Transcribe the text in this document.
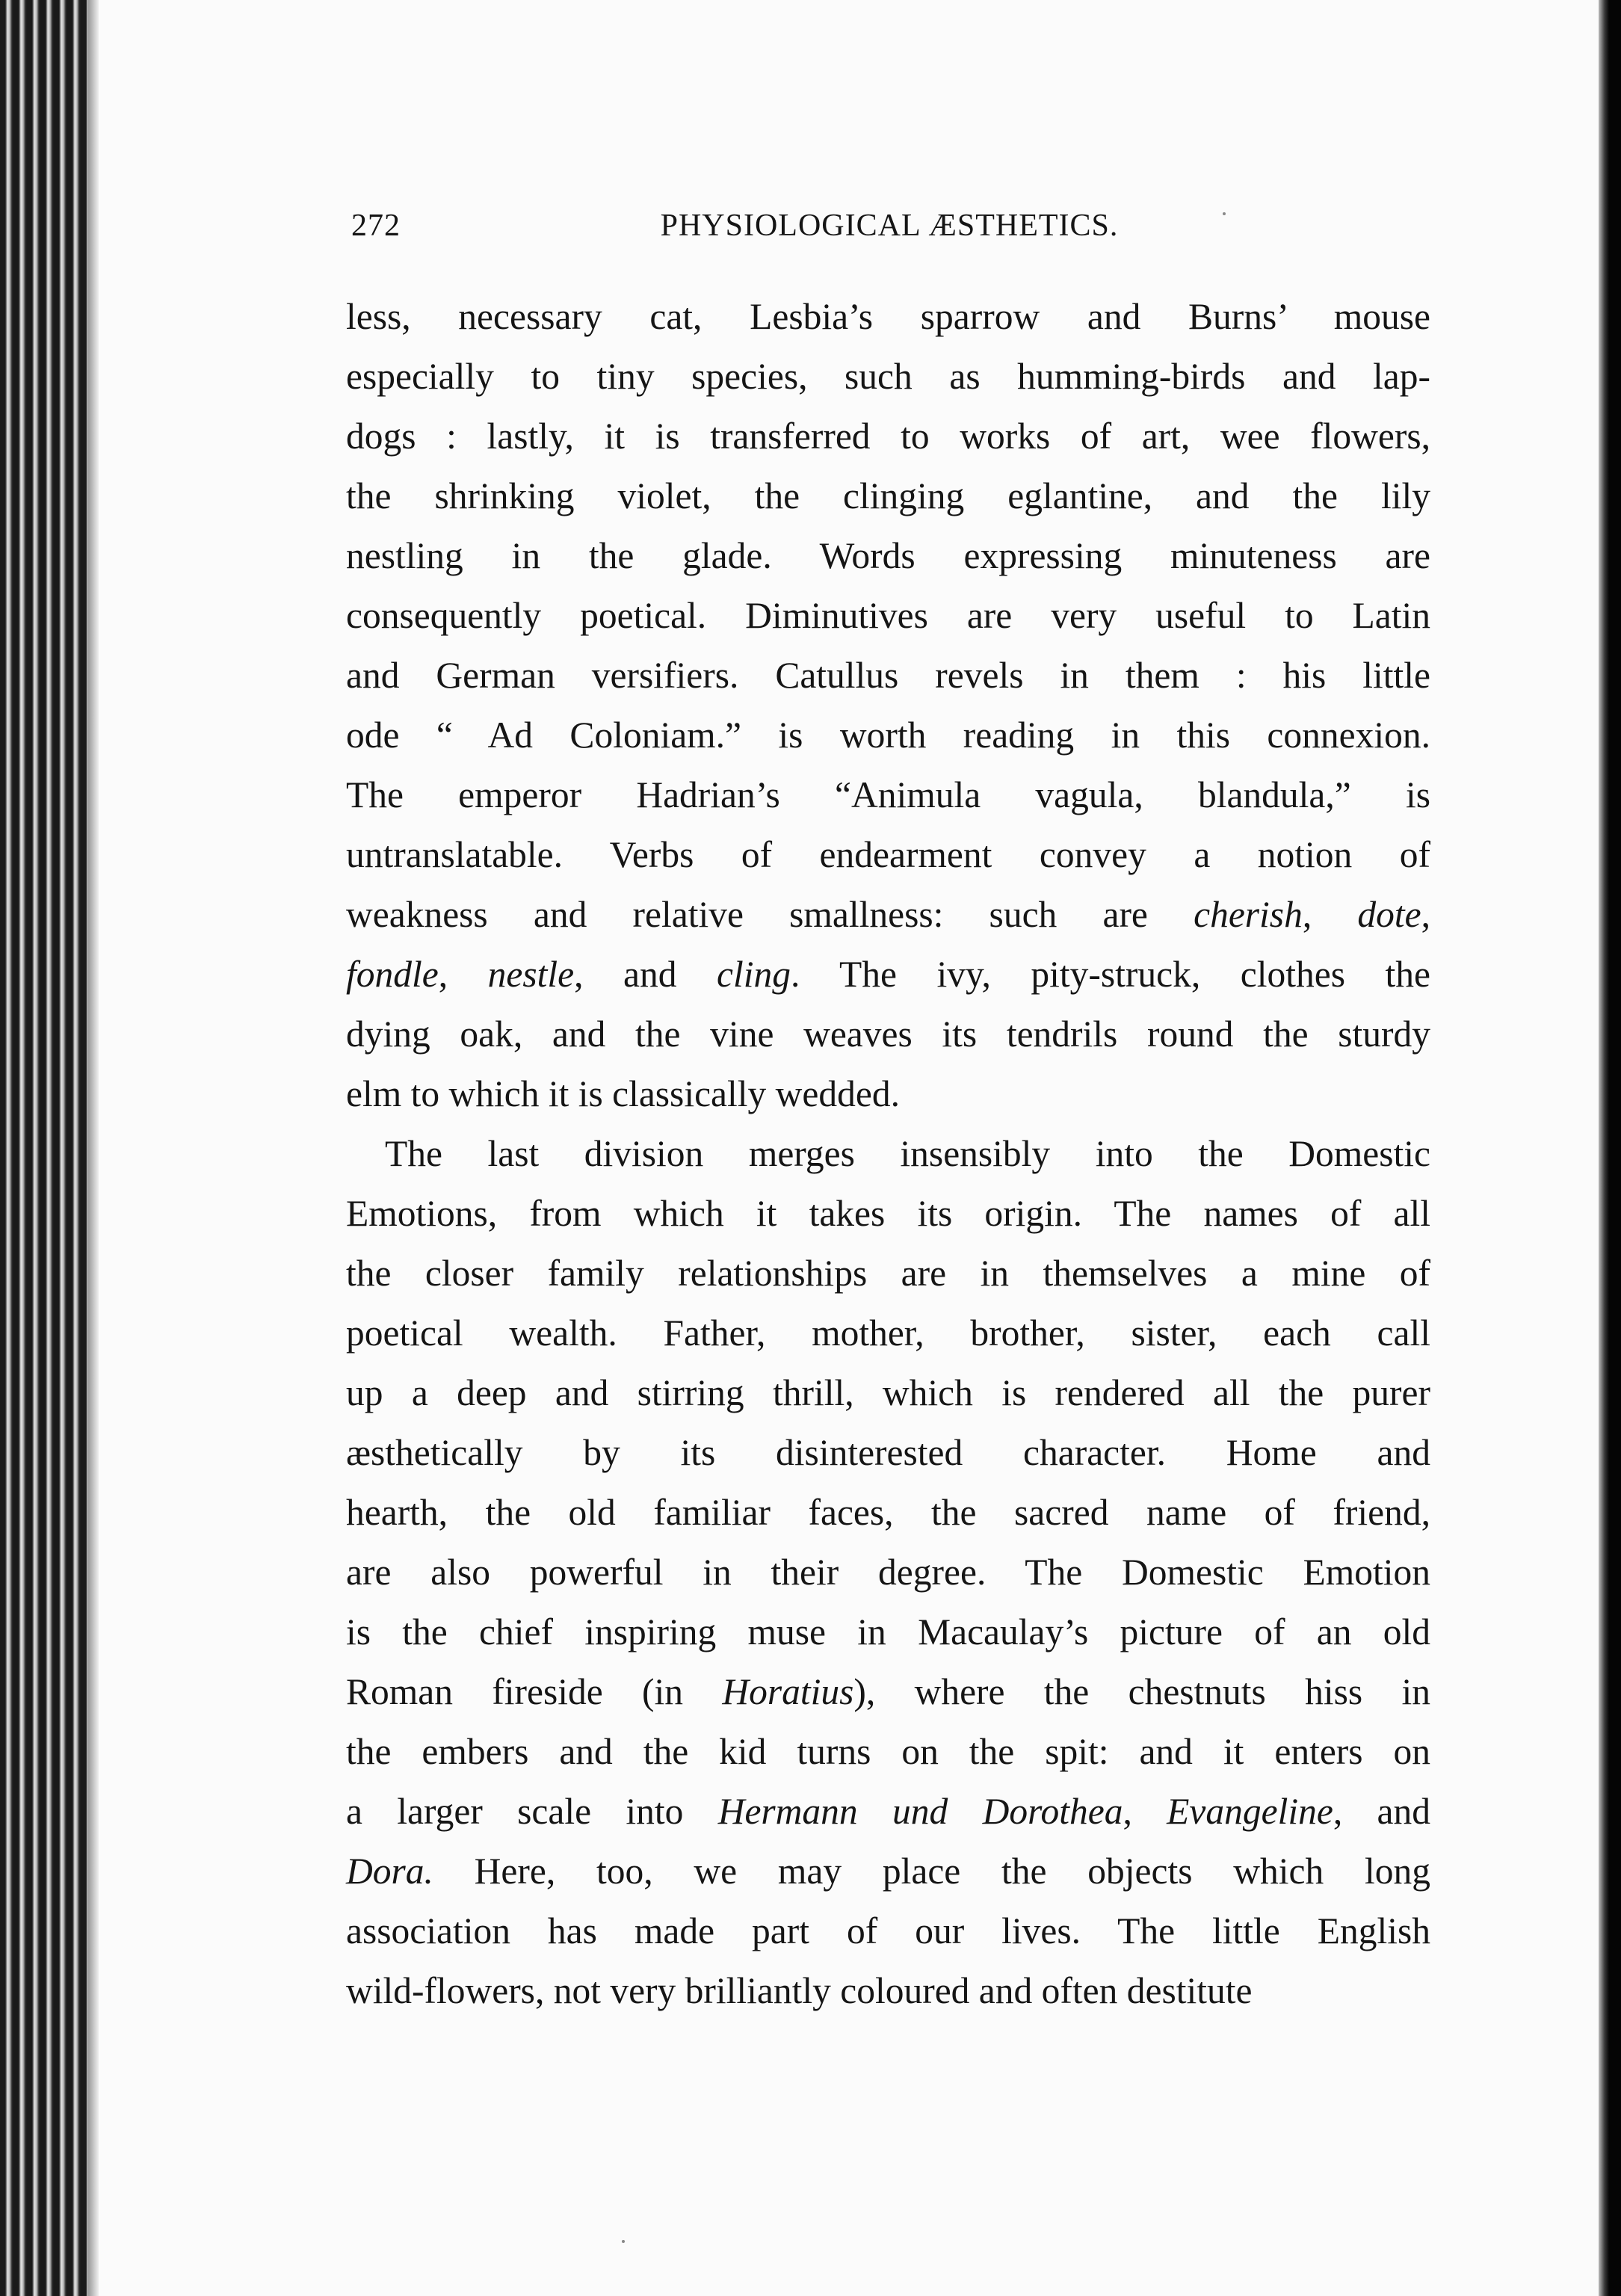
272	PHYSIOLOGICAL ÆSTHETICS.
less, necessary cat, Lesbia’s sparrow and Burns’ mouse
especially to tiny species, such as humming-birds and lap-
dogs : lastly, it is transferred to works of art, wee flowers,
the shrinking violet, the clinging eglantine, and the lily
nestling in the glade. Words expressing minuteness are
consequently poetical. Diminutives are very useful to Latin
and German versifiers. Catullus revels in them : his little
ode “ Ad Coloniam.” is worth reading in this connexion.
The emperor Hadrian’s “Animula vagula, blandula,” is
untranslatable. Verbs of endearment convey a notion of
weakness and relative smallness: such are cherish, dote,
fondle, nestle, and cling. The ivy, pity-struck, clothes the
dying oak, and the vine weaves its tendrils round the sturdy
elm to which it is classically wedded.
The last division merges insensibly into the Domestic
Emotions, from which it takes its origin. The names of all
the closer family relationships are in themselves a mine of
poetical wealth. Father, mother, brother, sister, each call
up a deep and stirring thrill, which is rendered all the purer
æsthetically by its disinterested character. Home and
hearth, the old familiar faces, the sacred name of friend,
are also powerful in their degree. The Domestic Emotion
is the chief inspiring muse in Macaulay’s picture of an old
Roman fireside (in Horatius), where the chestnuts hiss in
the embers and the kid turns on the spit: and it enters on
a larger scale into Hermann und Dorothea, Evangeline, and
Dora. Here, too, we may place the objects which long
association has made part of our lives. The little English
wild-flowers, not very brilliantly coloured and often destitute
